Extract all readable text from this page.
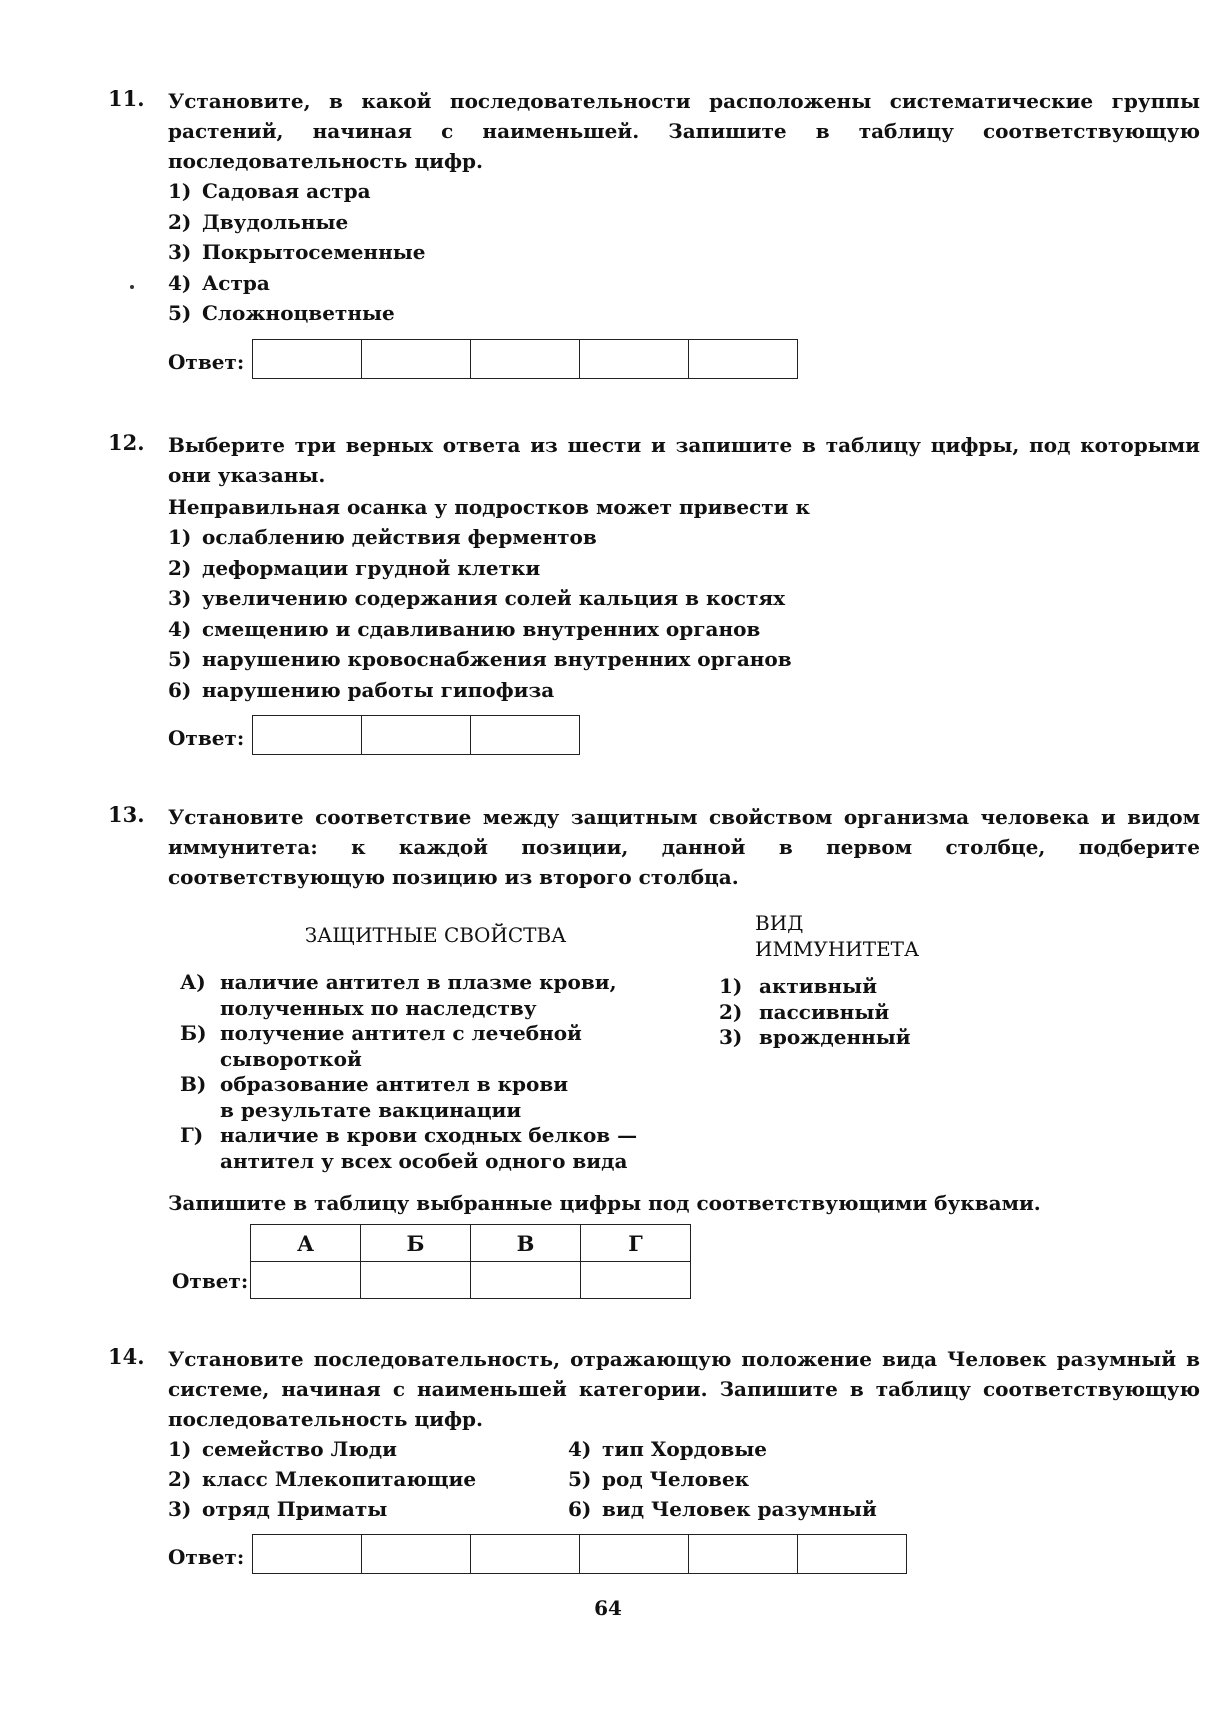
11. Установите, в какой последовательности расположены систематические группы растений, начиная с наименьшей. Запишите в таблицу соответствующую последовательность цифр.
1) Садовая астра
2) Двудольные
3) Покрытосеменные
4) Астра
5) Сложноцветные
Ответ:
12. Выберите три верных ответа из шести и запишите в таблицу цифры, под которыми они указаны.
Неправильная осанка у подростков может привести к
1) ослаблению действия ферментов
2) деформации грудной клетки
3) увеличению содержания солей кальция в костях
4) смещению и сдавливанию внутренних органов
5) нарушению кровоснабжения внутренних органов
6) нарушению работы гипофиза
Ответ:
13. Установите соответствие между защитным свойством организма человека и видом иммунитета: к каждой позиции, данной в первом столбце, подберите соответствующую позицию из второго столбца.
ЗАЩИТНЫЕ СВОЙСТВА
А) наличие антител в плазме крови,
полученных по наследству
Б) получение антител с лечебной
сывороткой
В) образование антител в крови
в результате вакцинации
Г) наличие в крови сходных белков —
антител у всех особей одного вида
ВИД
ИММУНИТЕТА
1) активный
2) пассивный
3) врожденный
Запишите в таблицу выбранные цифры под соответствующими буквами.
Ответ:
А	Б	В	Г

14. Установите последовательность, отражающую положение вида Человек разумный в системе, начиная с наименьшей категории. Запишите в таблицу соответствующую последовательность цифр.
1) семейство Люди	4) тип Хордовые
2) класс Млекопитающие	5) род Человек
3) отряд Приматы	6) вид Человек разумный
Ответ:
64
